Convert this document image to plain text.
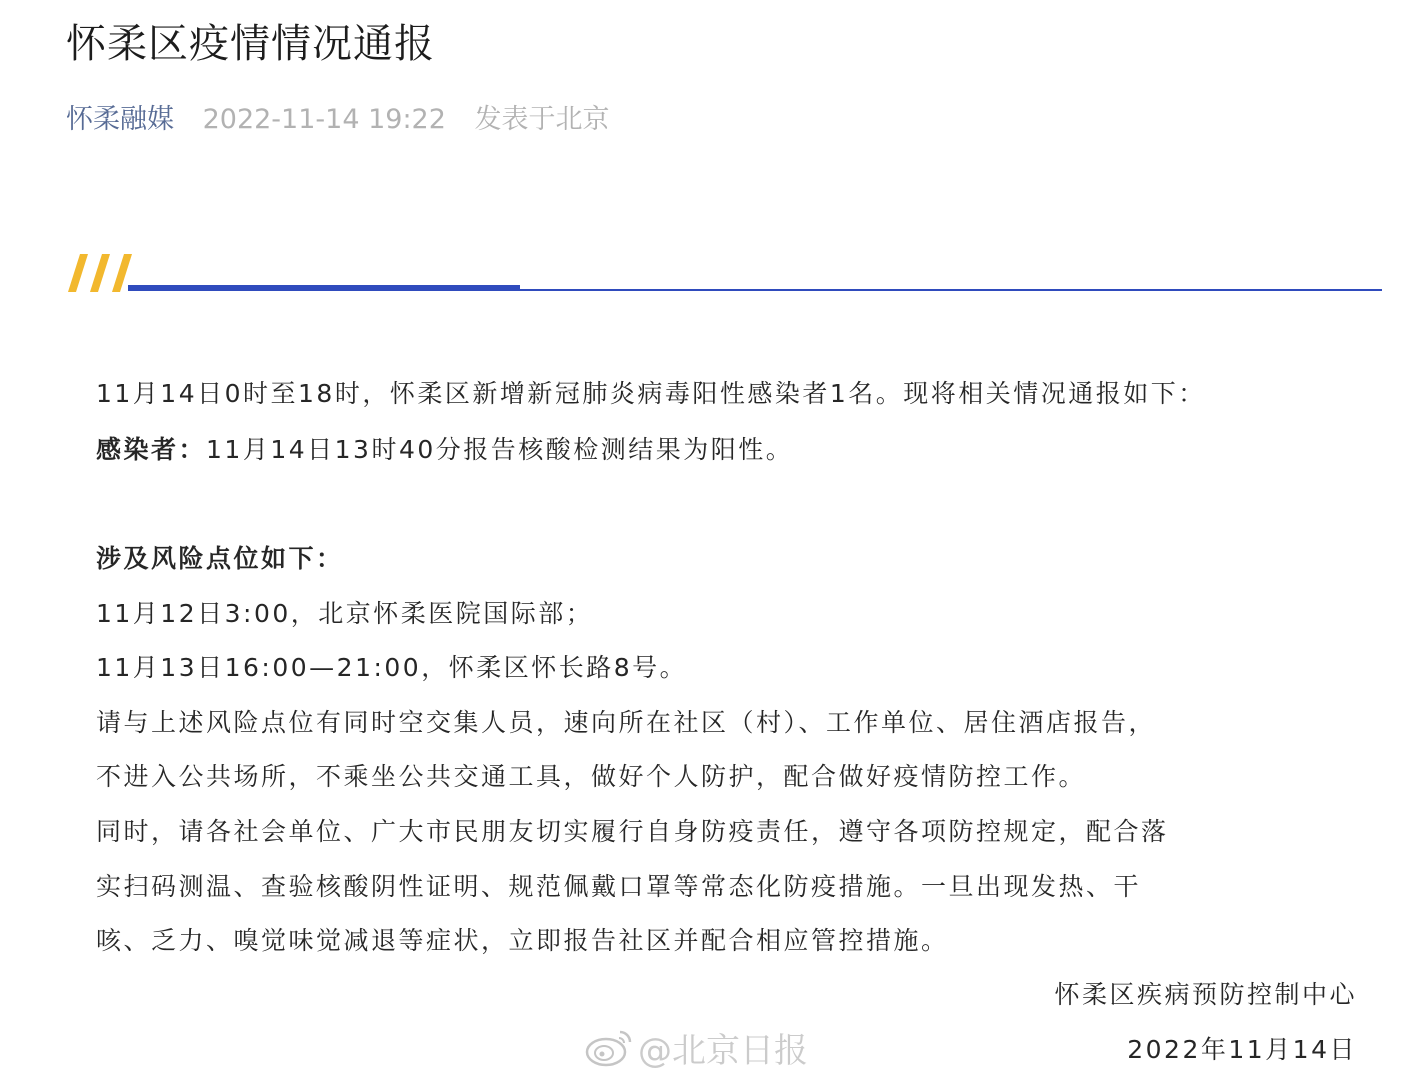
怀柔区疫情情况通报
怀柔融媒 2022-11-14 19:22 发表于北京
11月14日0时至18时，怀柔区新增新冠肺炎病毒阳性感染者1名。现将相关情况通报如下：
感染者：11月14日13时40分报告核酸检测结果为阳性。
涉及风险点位如下：
11月12日3:00，北京怀柔医院国际部；
11月13日16:00—21:00，怀柔区怀长路8号。
请与上述风险点位有同时空交集人员，速向所在社区（村）、工作单位、居住酒店报告，
不进入公共场所，不乘坐公共交通工具，做好个人防护，配合做好疫情防控工作。
同时，请各社会单位、广大市民朋友切实履行自身防疫责任，遵守各项防控规定，配合落
实扫码测温、查验核酸阴性证明、规范佩戴口罩等常态化防疫措施。一旦出现发热、干
咳、乏力、嗅觉味觉减退等症状，立即报告社区并配合相应管控措施。
怀柔区疾病预防控制中心
2022年11月14日
@北京日报
